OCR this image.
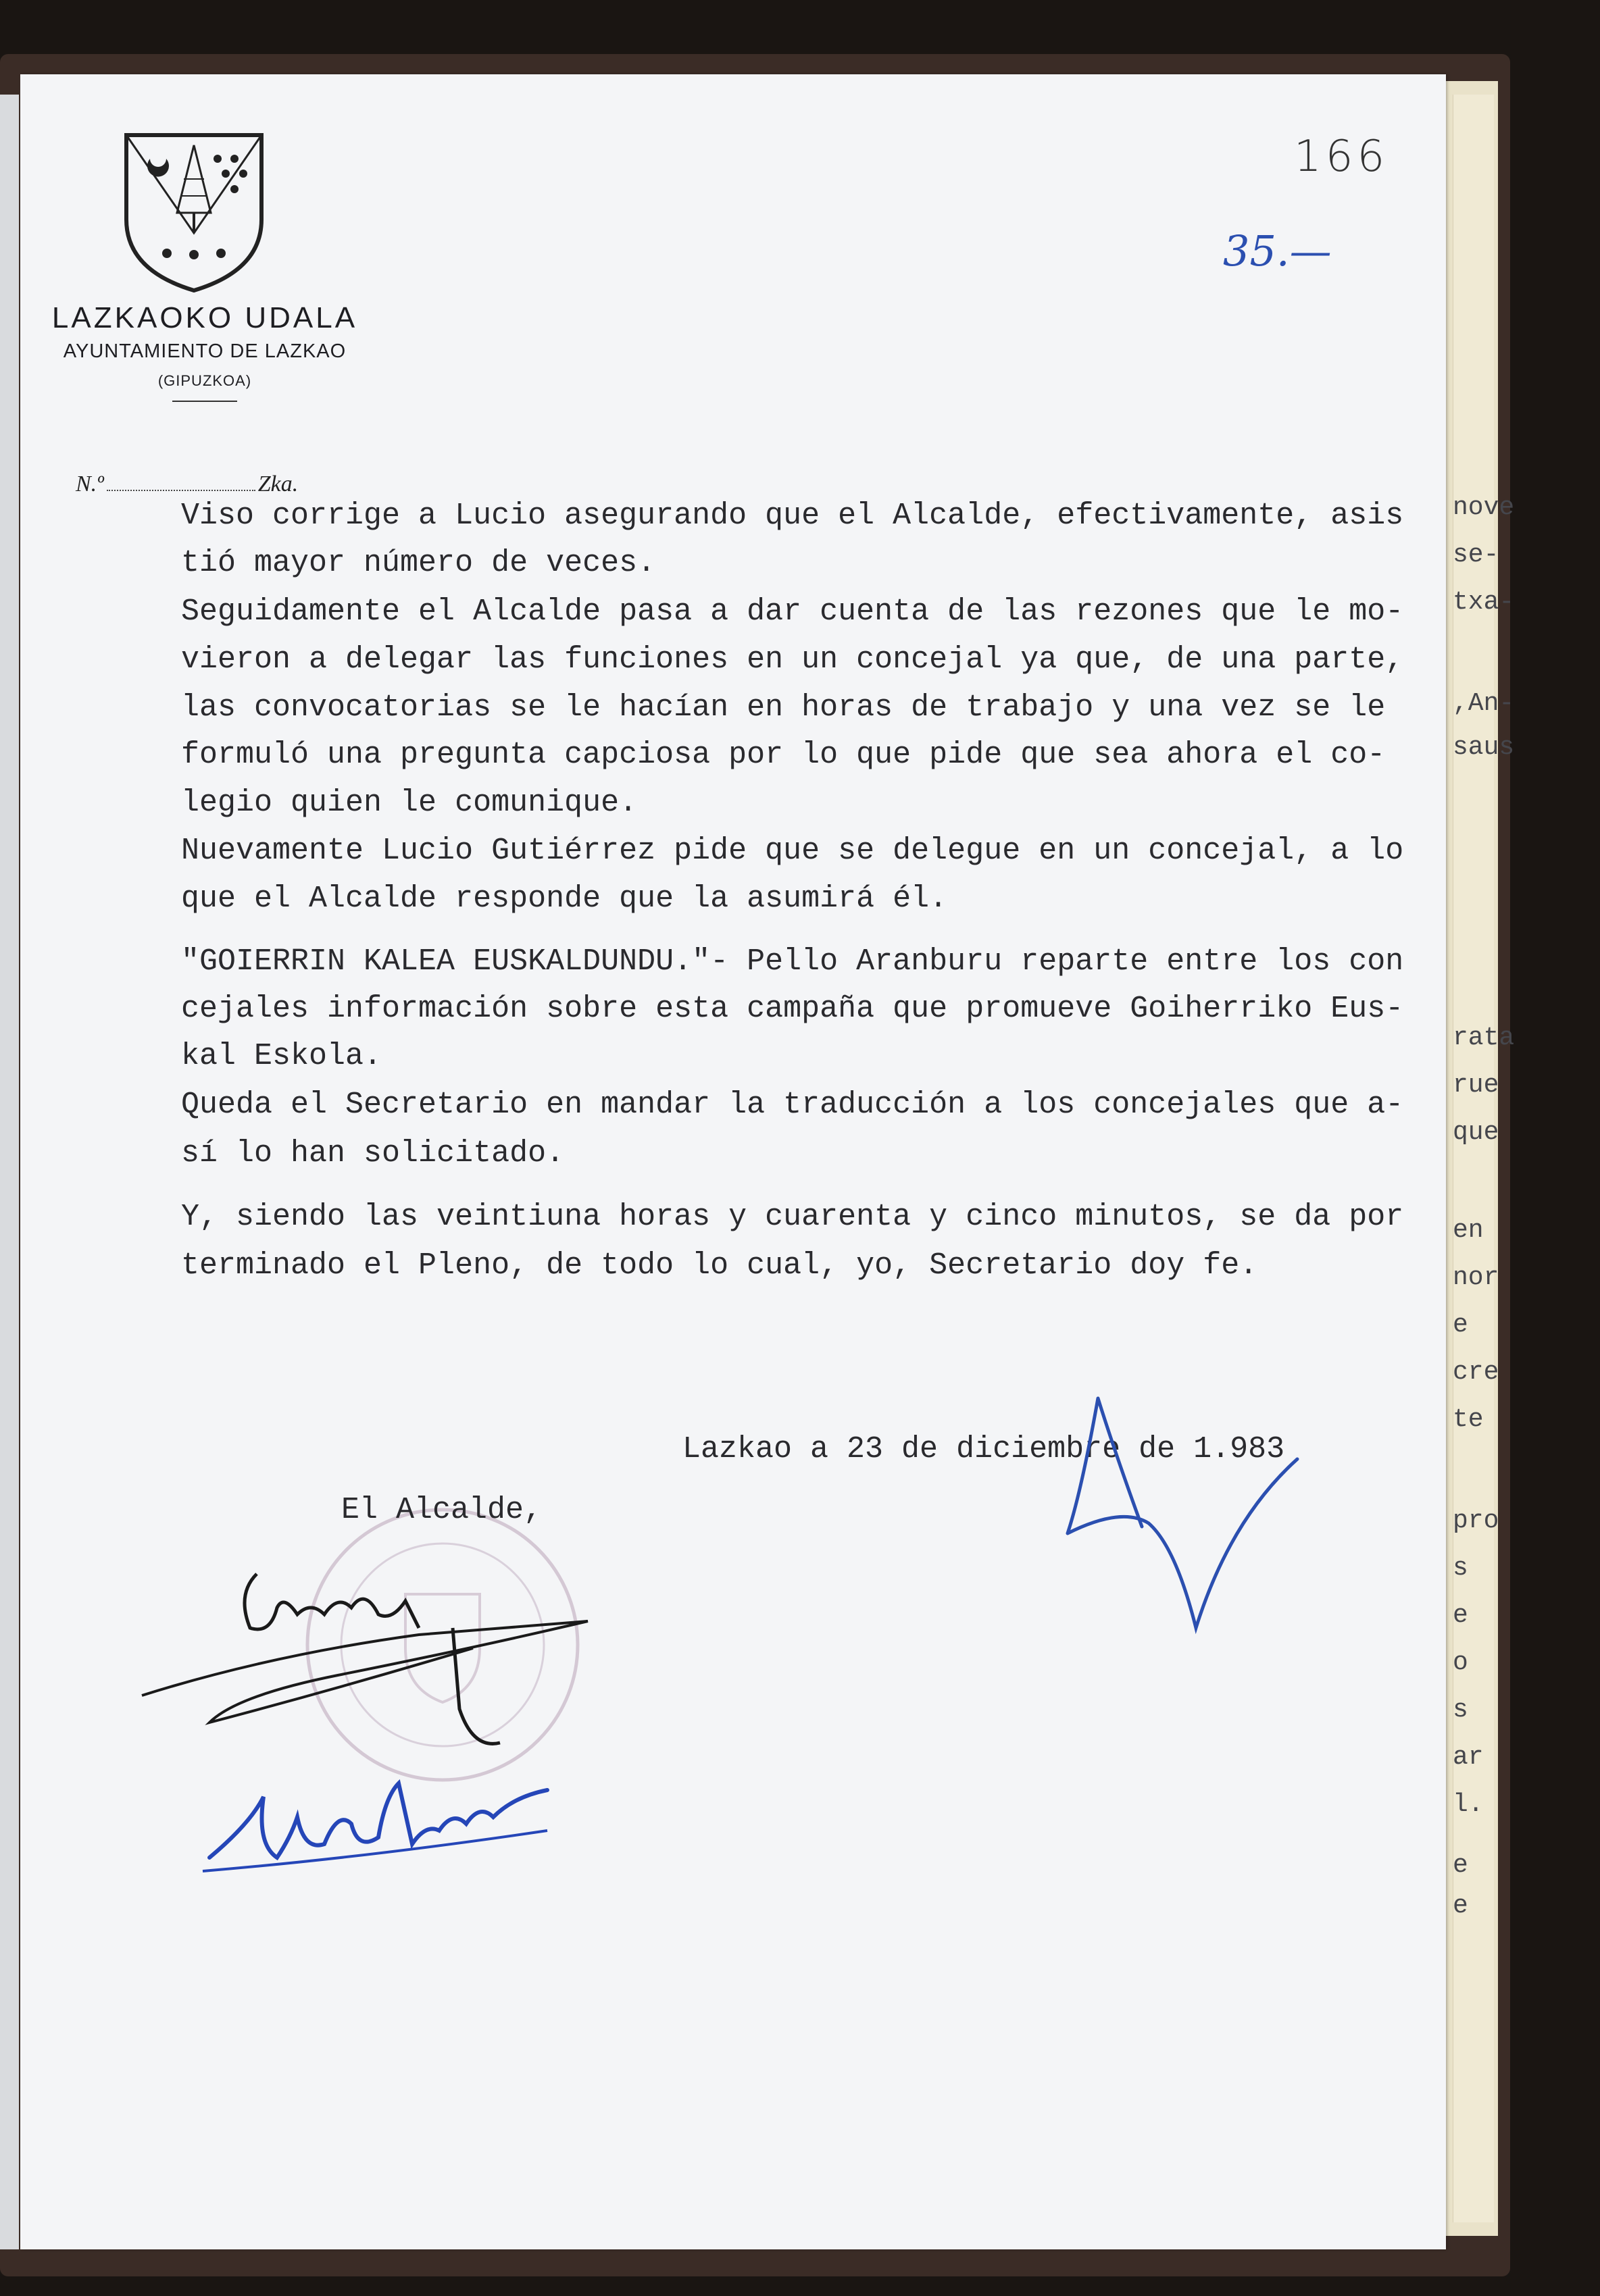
nove
se-
txa-
,An-
saus
rata
rue
que
en
nor
e
cre
te
pro
s
e
o
s
ar
l.
e
e
LAZKAOKO UDALA
AYUNTAMIENTO DE LAZKAO
(GIPUZKOA)
N.º	Zka.
166
35.—
Viso corrige a Lucio asegurando que el Alcalde, efectivamente, asis
tió mayor número de veces.
Seguidamente el Alcalde pasa a dar cuenta de las rezones que le mo-
vieron a delegar las funciones en un concejal ya que, de una parte,
las convocatorias se le hacían en horas de trabajo y una vez se le
formuló una pregunta capciosa por lo que pide que sea ahora el co-
legio quien le comunique.
Nuevamente Lucio Gutiérrez pide que se delegue en un concejal, a lo
que el Alcalde responde que la asumirá él.
"GOIERRIN KALEA EUSKALDUNDU."- Pello Aranburu reparte entre los con
cejales información sobre esta campaña que promueve Goiherriko Eus-
kal Eskola.
Queda el Secretario en mandar la traducción a los concejales que a-
sí lo han solicitado.
Y, siendo las veintiuna horas y cuarenta y cinco minutos, se da por
terminado el Pleno, de todo lo cual, yo, Secretario doy fe.
Lazkao a 23 de diciembre de 1.983
El Alcalde,
